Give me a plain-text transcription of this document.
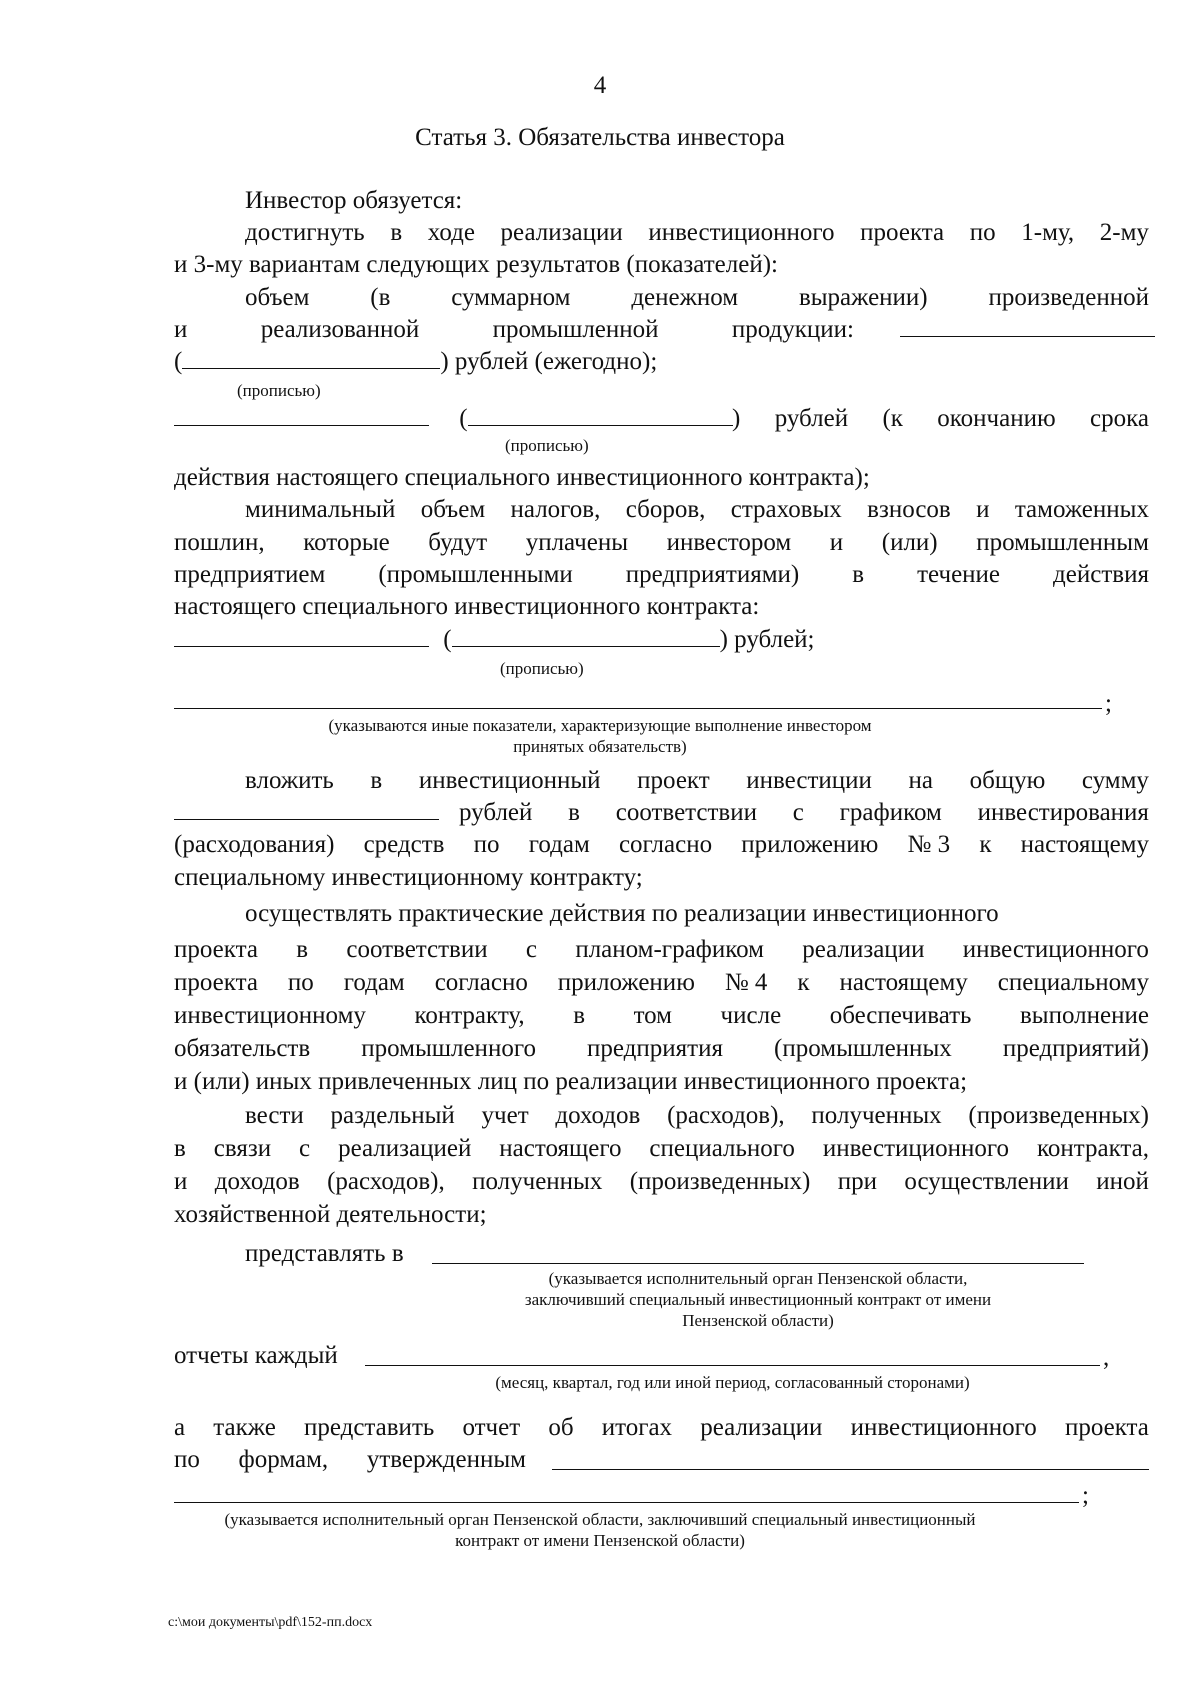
4
Статья 3. Обязательства инвестора
Инвестор обязуется:
достигнуть в ходе реализации инвестиционного проекта по 1-му, 2-му
и 3-му вариантам следующих результатов (показателей):
объем (в суммарном денежном выражении) произведенной
и	реализованной	промышленной	продукции:

(	) рублей (ежегодно);
(прописью)
(	) рублей (к окончанию срока
(прописью)
действия настоящего специального инвестиционного контракта);
минимальный объем налогов, сборов, страховых взносов и таможенных
пошлин, которые будут уплачены инвестором и (или) промышленным
предприятием (промышленными предприятиями) в течение действия
настоящего специального инвестиционного контракта:
(	) рублей;
(прописью)
;
(указываются иные показатели, характеризующие выполнение инвестором
принятых обязательств)
вложить в инвестиционный проект инвестиции на общую сумму
рублей в соответствии с графиком инвестирования
(расходования) средств по годам согласно приложению № 3 к настоящему
специальному инвестиционному контракту;
осуществлять практические действия по реализации инвестиционного
проекта в соответствии с планом-графиком реализации инвестиционного
проекта по годам согласно приложению № 4 к настоящему специальному
инвестиционному контракту, в том числе обеспечивать выполнение
обязательств промышленного предприятия (промышленных предприятий)
и (или) иных привлеченных лиц по реализации инвестиционного проекта;
вести раздельный учет доходов (расходов), полученных (произведенных)
в связи с реализацией настоящего специального инвестиционного контракта,
и доходов (расходов), полученных (произведенных) при осуществлении иной
хозяйственной деятельности;
представлять в
(указывается исполнительный орган Пензенской области,
заключивший специальный инвестиционный контракт от имени
Пензенской области)
отчеты каждый	,
(месяц, квартал, год или иной период, согласованный сторонами)
а также представить отчет об итогах реализации инвестиционного проекта
по формам, утвержденным
;
(указывается исполнительный орган Пензенской области, заключивший специальный инвестиционный
контракт от имени Пензенской области)
c:\мои документы\pdf\152-пп.docx
